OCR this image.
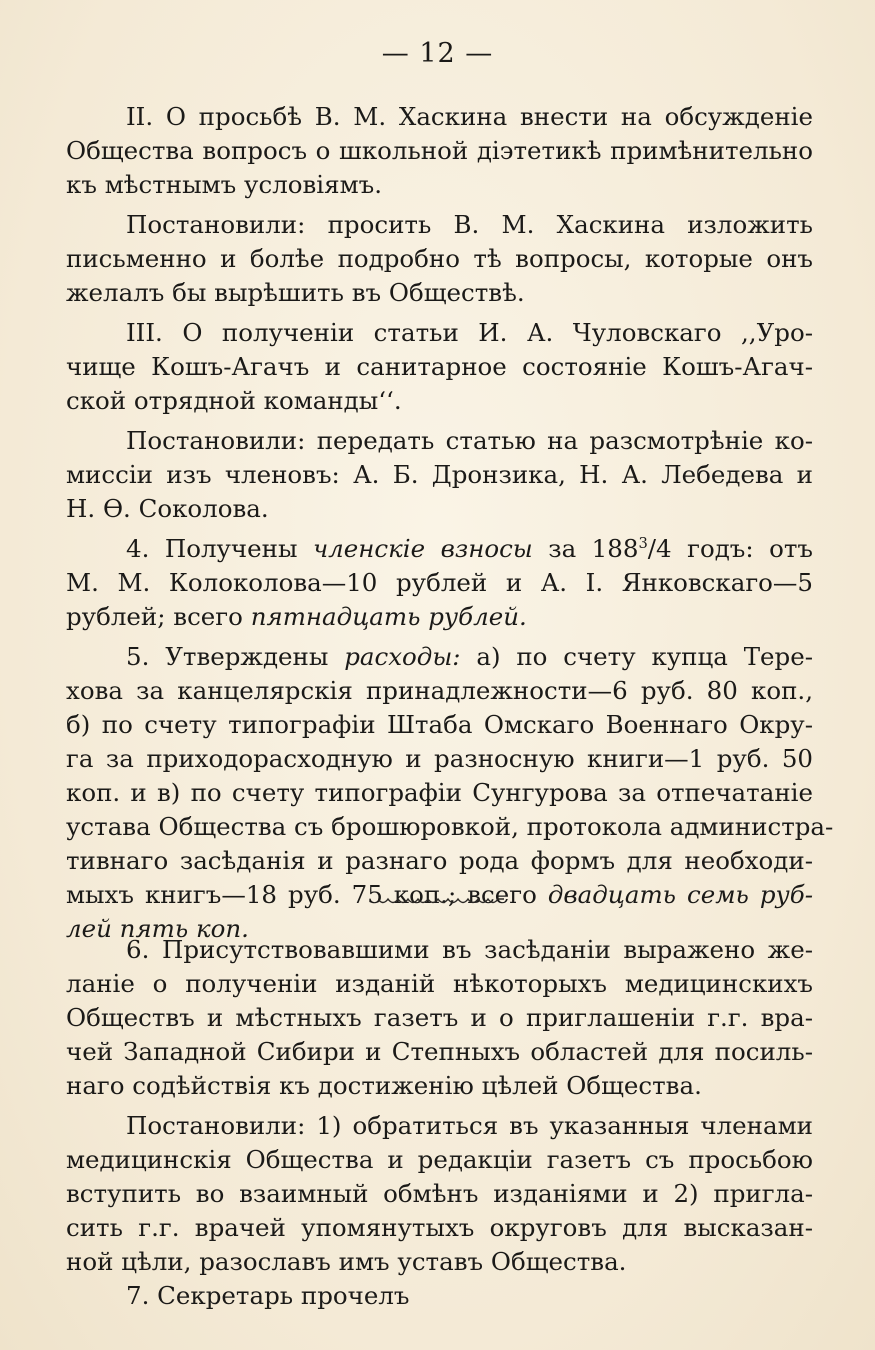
— 12 —
II. О просьбѣ В. М. Хаскина внести на обсужденіе
Общества вопросъ о школьной діэтетикѣ примѣнительно
къ мѣстнымъ условіямъ.
Постановили: просить В. М. Хаскина изложить
письменно и болѣе подробно тѣ вопросы, которые онъ
желалъ бы вырѣшить въ Обществѣ.
III. О полученіи статьи И. А. Чуловскаго ,,Уро-
чище Кошъ-Агачъ и санитарное состояніе Кошъ-Агач-
ской отрядной команды‘‘.
Постановили: передать статью на разсмотрѣніе ко-
миссіи изъ членовъ: А. Б. Дронзика, Н. А. Лебедева и
Н. Ѳ. Соколова.
4. Получены членскіе взносы за $188^3/4$ годъ: отъ
М. М. Колоколова—10 рублей и А. I. Янковскаго—5
рублей; всего пятнадцать рублей.
5. Утверждены расходы: а) по счету купца Тере-
хова за канцелярскія принадлежности—6 руб. 80 коп.,
б) по счету типографіи Штаба Омскаго Военнаго Окру-
га за приходорасходную и разносную книги—1 руб. 50
коп. и в) по счету типографіи Сунгурова за отпечатаніе
устава Общества съ брошюровкой, протокола администра-
тивнаго засѣданія и разнаго рода формъ для необходи-
мыхъ книгъ—18 руб. 75 коп.; всего двадцать семь руб-
лей пять коп.
6. Присутствовавшими въ засѣданіи выражено же-
ланіе о полученіи изданій нѣкоторыхъ медицинскихъ
Обществъ и мѣстныхъ газетъ и о приглашеніи г.г. вра-
чей Западной Сибири и Степныхъ областей для посиль-
наго содѣйствія къ достиженію цѣлей Общества.
Постановили: 1) обратиться въ указанныя членами
медицинскія Общества и редакціи газетъ съ просьбою
вступить во взаимный обмѣнъ изданіями и 2) пригла-
сить г.г. врачей упомянутыхъ округовъ для высказан-
ной цѣли, разославъ имъ уставъ Общества.
7. Секретарь прочелъ
